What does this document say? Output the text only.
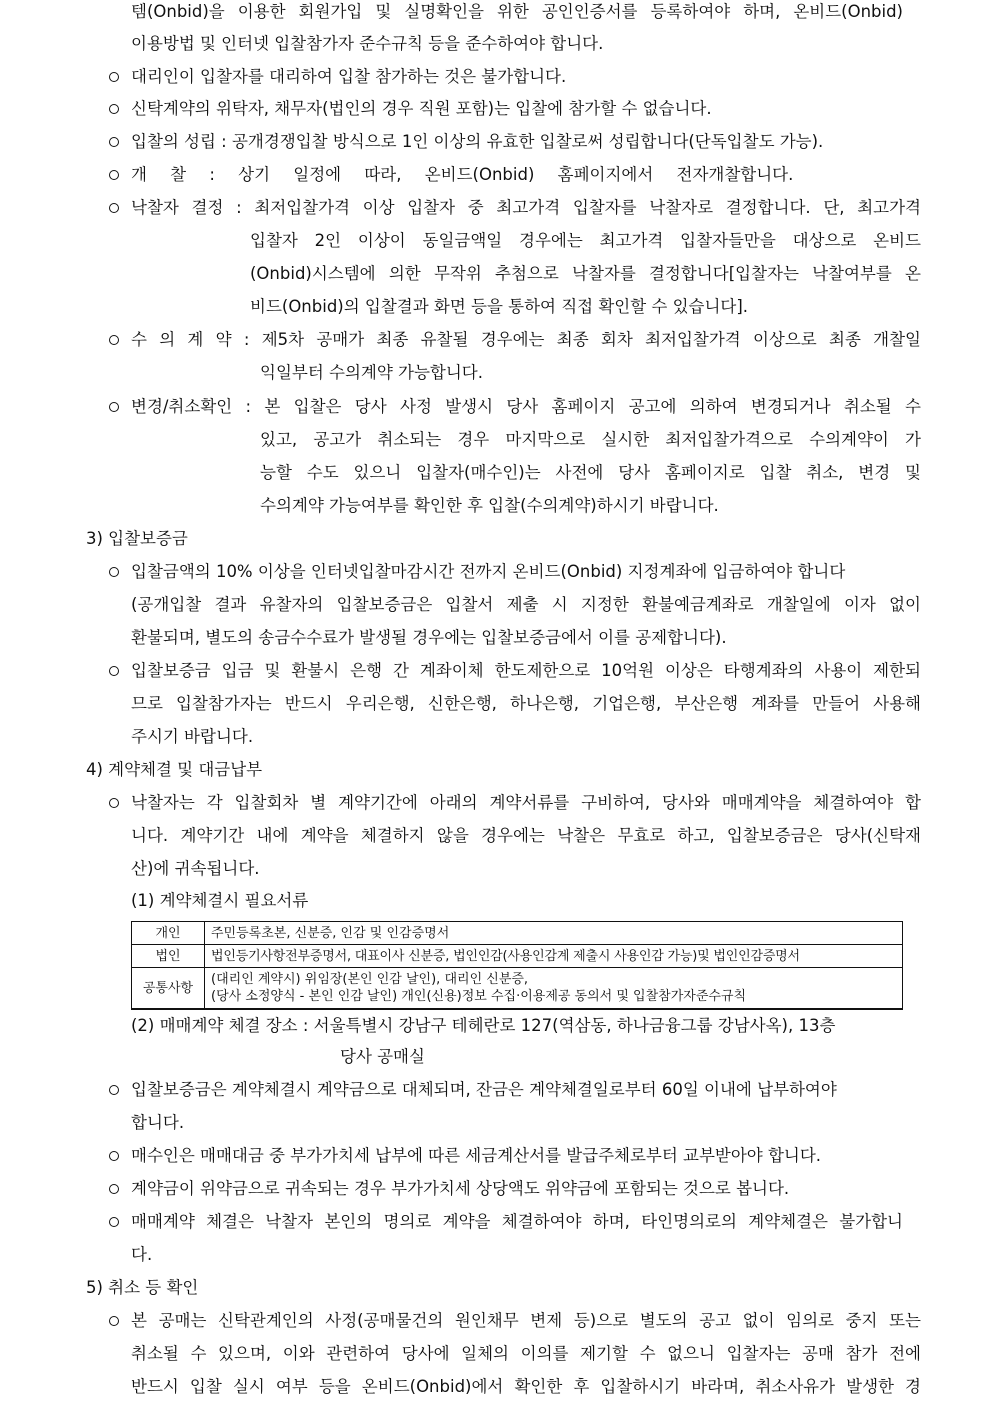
템(Onbid)을 이용한 회원가입 및 실명확인을 위한 공인인증서를 등록하여야 하며, 온비드(Onbid)
이용방법 및 인터넷 입찰참가자 준수규칙 등을 준수하여야 합니다.
대리인이 입찰자를 대리하여 입찰 참가하는 것은 불가합니다.
신탁계약의 위탁자, 채무자(법인의 경우 직원 포함)는 입찰에 참가할 수 없습니다.
입찰의 성립 : 공개경쟁입찰 방식으로 1인 이상의 유효한 입찰로써 성립합니다(단독입찰도 가능).
개 찰 : 상기 일정에 따라, 온비드(Onbid) 홈페이지에서 전자개찰합니다.
낙찰자 결정 : 최저입찰가격 이상 입찰자 중 최고가격 입찰자를 낙찰자로 결정합니다. 단, 최고가격
입찰자 2인 이상이 동일금액일 경우에는 최고가격 입찰자들만을 대상으로 온비드
(Onbid)시스템에 의한 무작위 추첨으로 낙찰자를 결정합니다[입찰자는 낙찰여부를 온
비드(Onbid)의 입찰결과 화면 등을 통하여 직접 확인할 수 있습니다].
수 의 계 약 : 제5차 공매가 최종 유찰될 경우에는 최종 회차 최저입찰가격 이상으로 최종 개찰일
익일부터 수의계약 가능합니다.
변경/취소확인 : 본 입찰은 당사 사정 발생시 당사 홈페이지 공고에 의하여 변경되거나 취소될 수
있고, 공고가 취소되는 경우 마지막으로 실시한 최저입찰가격으로 수의계약이 가
능할 수도 있으니 입찰자(매수인)는 사전에 당사 홈페이지로 입찰 취소, 변경 및
수의계약 가능여부를 확인한 후 입찰(수의계약)하시기 바랍니다.
3) 입찰보증금
입찰금액의 10% 이상을 인터넷입찰마감시간 전까지 온비드(Onbid) 지정계좌에 입금하여야 합니다
(공개입찰 결과 유찰자의 입찰보증금은 입찰서 제출 시 지정한 환불예금계좌로 개찰일에 이자 없이
환불되며, 별도의 송금수수료가 발생될 경우에는 입찰보증금에서 이를 공제합니다).
입찰보증금 입금 및 환불시 은행 간 계좌이체 한도제한으로 10억원 이상은 타행계좌의 사용이 제한되
므로 입찰참가자는 반드시 우리은행, 신한은행, 하나은행, 기업은행, 부산은행 계좌를 만들어 사용해
주시기 바랍니다.
4) 계약체결 및 대금납부
낙찰자는 각 입찰회차 별 계약기간에 아래의 계약서류를 구비하여, 당사와 매매계약을 체결하여야 합
니다. 계약기간 내에 계약을 체결하지 않을 경우에는 낙찰은 무효로 하고, 입찰보증금은 당사(신탁재
산)에 귀속됩니다.
(1) 계약체결시 필요서류
개인	주민등록초본, 신분증, 인감 및 인감증명서
법인	법인등기사항전부증명서, 대표이사 신분증, 법인인감(사용인감계 제출시 사용인감 가능)및 법인인감증명서
공통사항	(대리인 계약시) 위임장(본인 인감 날인), 대리인 신분증,
(당사 소정양식 - 본인 인감 날인) 개인(신용)정보 수집·이용제공 동의서 및 입찰참가자준수규칙
(2) 매매계약 체결 장소 : 서울특별시 강남구 테헤란로 127(역삼동, 하나금융그룹 강남사옥), 13층
당사 공매실
입찰보증금은 계약체결시 계약금으로 대체되며, 잔금은 계약체결일로부터 60일 이내에 납부하여야
합니다.
매수인은 매매대금 중 부가가치세 납부에 따른 세금계산서를 발급주체로부터 교부받아야 합니다.
계약금이 위약금으로 귀속되는 경우 부가가치세 상당액도 위약금에 포함되는 것으로 봅니다.
매매계약 체결은 낙찰자 본인의 명의로 계약을 체결하여야 하며, 타인명의로의 계약체결은 불가합니
다.
5) 취소 등 확인
본 공매는 신탁관계인의 사정(공매물건의 원인채무 변제 등)으로 별도의 공고 없이 임의로 중지 또는
취소될 수 있으며, 이와 관련하여 당사에 일체의 이의를 제기할 수 없으니 입찰자는 공매 참가 전에
반드시 입찰 실시 여부 등을 온비드(Onbid)에서 확인한 후 입찰하시기 바라며, 취소사유가 발생한 경
